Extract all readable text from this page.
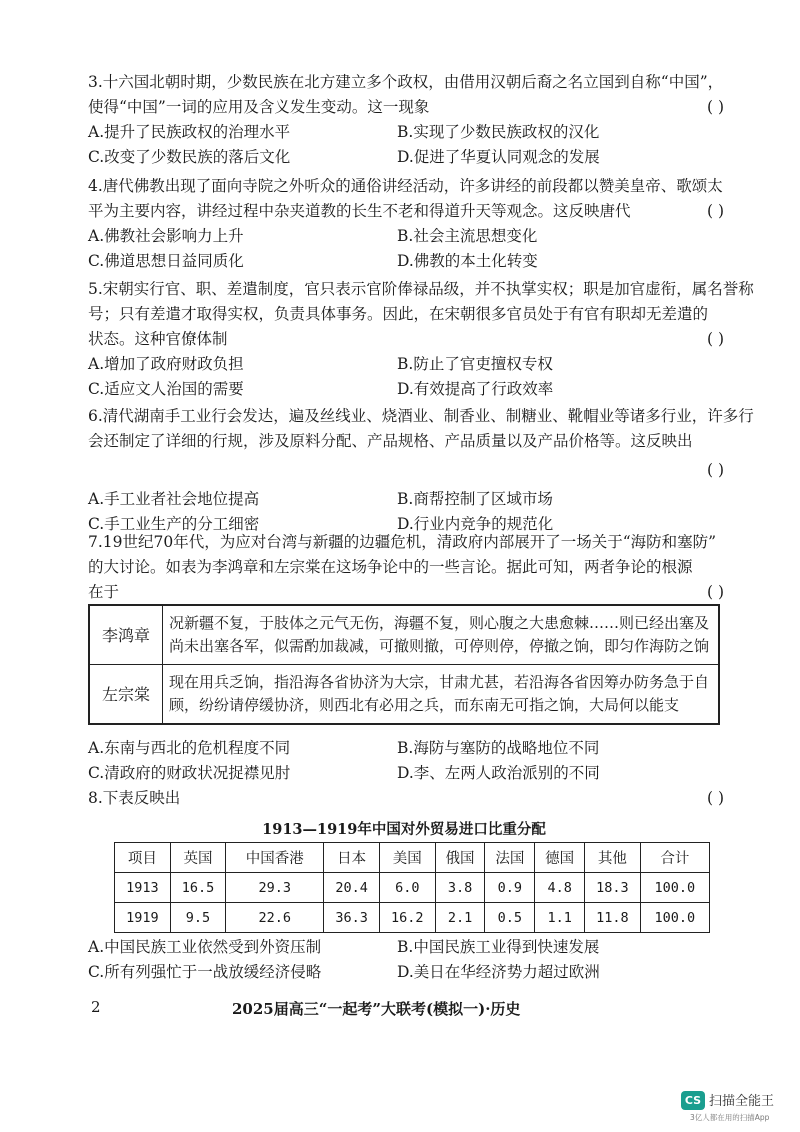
3.十六国北朝时期，少数民族在北方建立多个政权，由借用汉朝后裔之名立国到自称“中国”，
使得“中国”一词的应用及含义发生变动。这一现象	( )
A.提升了民族政权的治理水平	B.实现了少数民族政权的汉化
C.改变了少数民族的落后文化	D.促进了华夏认同观念的发展
4.唐代佛教出现了面向寺院之外听众的通俗讲经活动，许多讲经的前段都以赞美皇帝、歌颂太
平为主要内容，讲经过程中杂夹道教的长生不老和得道升天等观念。这反映唐代	( )
A.佛教社会影响力上升	B.社会主流思想变化
C.佛道思想日益同质化	D.佛教的本土化转变
5.宋朝实行官、职、差遣制度，官只表示官阶俸禄品级，并不执掌实权；职是加官虚衔，属名誉称
号；只有差遣才取得实权，负责具体事务。因此，在宋朝很多官员处于有官有职却无差遣的
状态。这种官僚体制	( )
A.增加了政府财政负担	B.防止了官吏擅权专权
C.适应文人治国的需要	D.有效提高了行政效率
6.清代湖南手工业行会发达，遍及丝线业、烧酒业、制香业、制糖业、靴帽业等诸多行业，许多行
会还制定了详细的行规，涉及原料分配、产品规格、产品质量以及产品价格等。这反映出
( )

A.手工业者社会地位提高	B.商帮控制了区域市场
C.手工业生产的分工细密	D.行业内竞争的规范化
7.19世纪70年代，为应对台湾与新疆的边疆危机，清政府内部展开了一场关于“海防和塞防”
的大讨论。如表为李鸿章和左宗棠在这场争论中的一些言论。据此可知，两者争论的根源
在于	( )
李鸿章	况新疆不复，于肢体之元气无伤，海疆不复，则心腹之大患愈棘……则已经出塞及尚未出塞各军，似需酌加裁减，可撤则撤，可停则停，停撤之饷，即匀作海防之饷
左宗棠	现在用兵乏饷，指沿海各省协济为大宗，甘肃尤甚，若沿海各省因筹办防务急于自顾，纷纷请停缓协济，则西北有必用之兵，而东南无可指之饷，大局何以能支
A.东南与西北的危机程度不同	B.海防与塞防的战略地位不同
C.清政府的财政状况捉襟见肘	D.李、左两人政治派别的不同
8.下表反映出	( )
1913—1919年中国对外贸易进口比重分配
项目	英国	中国香港	日本	美国	俄国	法国	德国	其他	合计
1913	16.5	29.3	20.4	6.0	3.8	0.9	4.8	18.3	100.0
1919	9.5	22.6	36.3	16.2	2.1	0.5	1.1	11.8	100.0
A.中国民族工业依然受到外资压制	B.中国民族工业得到快速发展
C.所有列强忙于一战放缓经济侵略	D.美日在华经济势力超过欧洲
2	2025届高三“一起考”大联考(模拟一)·历史
CS 扫描全能王
3亿人都在用的扫描App
